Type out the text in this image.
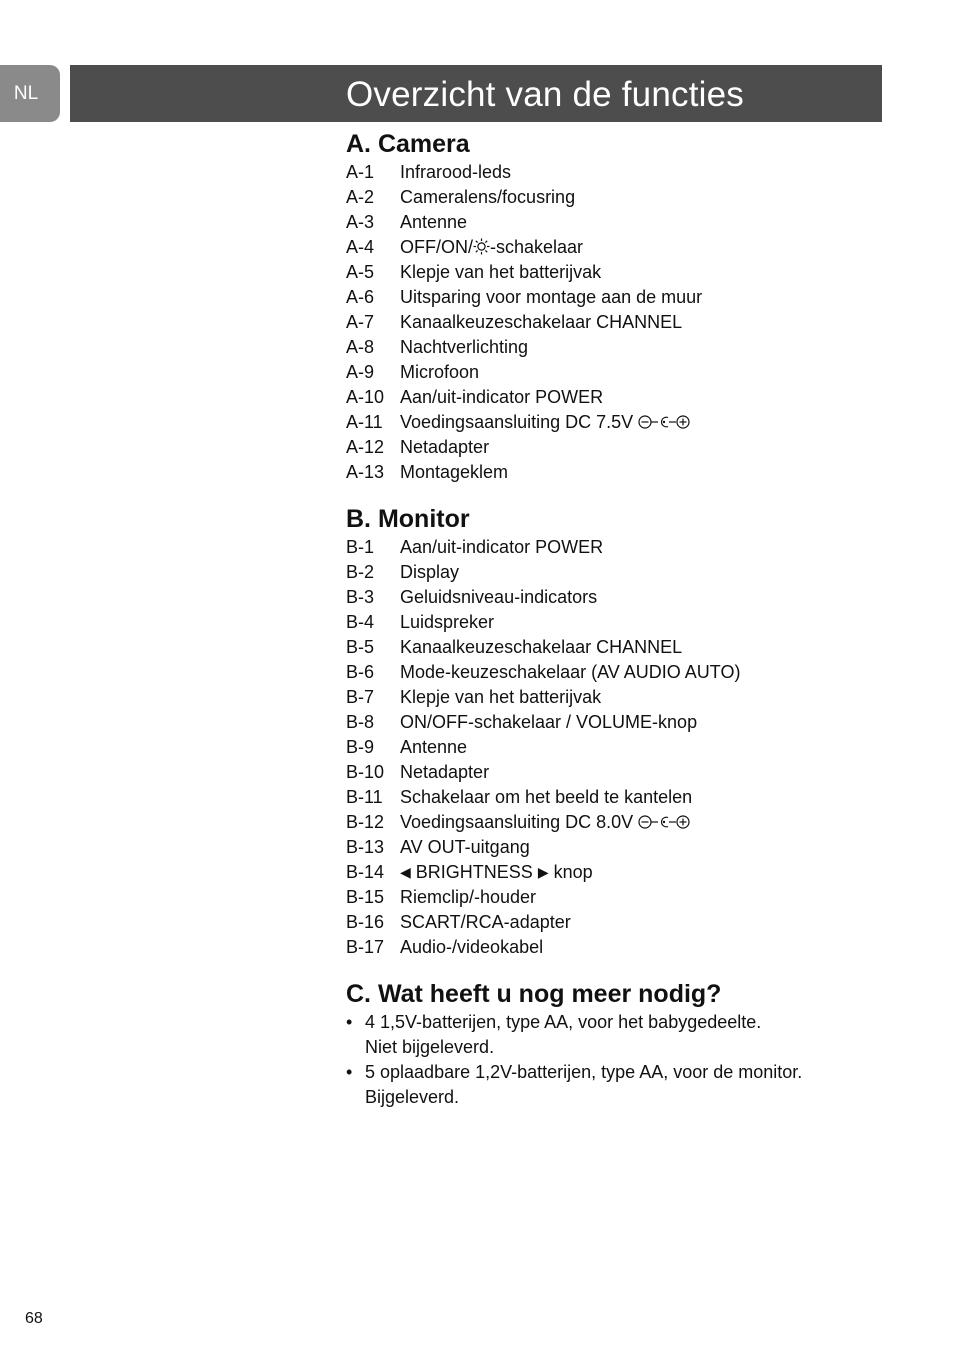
NL	Overzicht van de functies
A. Camera
A-1 Infrarood-leds
A-2 Cameralens/focusring
A-3 Antenne
A-4 OFF/ON/ -schakelaar
A-5 Klepje van het batterijvak
A-6 Uitsparing voor montage aan de muur
A-7 Kanaalkeuzeschakelaar CHANNEL
A-8 Nachtverlichting
A-9 Microfoon
A-10 Aan/uit-indicator POWER
A-11 Voedingsaansluiting DC 7.5V
A-12 Netadapter
A-13 Montageklem
B. Monitor
B-1 Aan/uit-indicator POWER
B-2 Display
B-3 Geluidsniveau-indicators
B-4 Luidspreker
B-5 Kanaalkeuzeschakelaar CHANNEL
B-6 Mode-keuzeschakelaar (AV AUDIO AUTO)
B-7 Klepje van het batterijvak
B-8 ON/OFF-schakelaar / VOLUME-knop
B-9 Antenne
B-10 Netadapter
B-11 Schakelaar om het beeld te kantelen
B-12 Voedingsaansluiting DC 8.0V
B-13 AV OUT-uitgang
B-14 ◀ BRIGHTNESS ▶ knop
B-15 Riemclip/-houder
B-16 SCART/RCA-adapter
B-17 Audio-/videokabel
C. Wat heeft u nog meer nodig?
• 4 1,5V-batterijen, type AA, voor het babygedeelte.
Niet bijgeleverd.
• 5 oplaadbare 1,2V-batterijen, type AA, voor de monitor.
Bijgeleverd.
68
